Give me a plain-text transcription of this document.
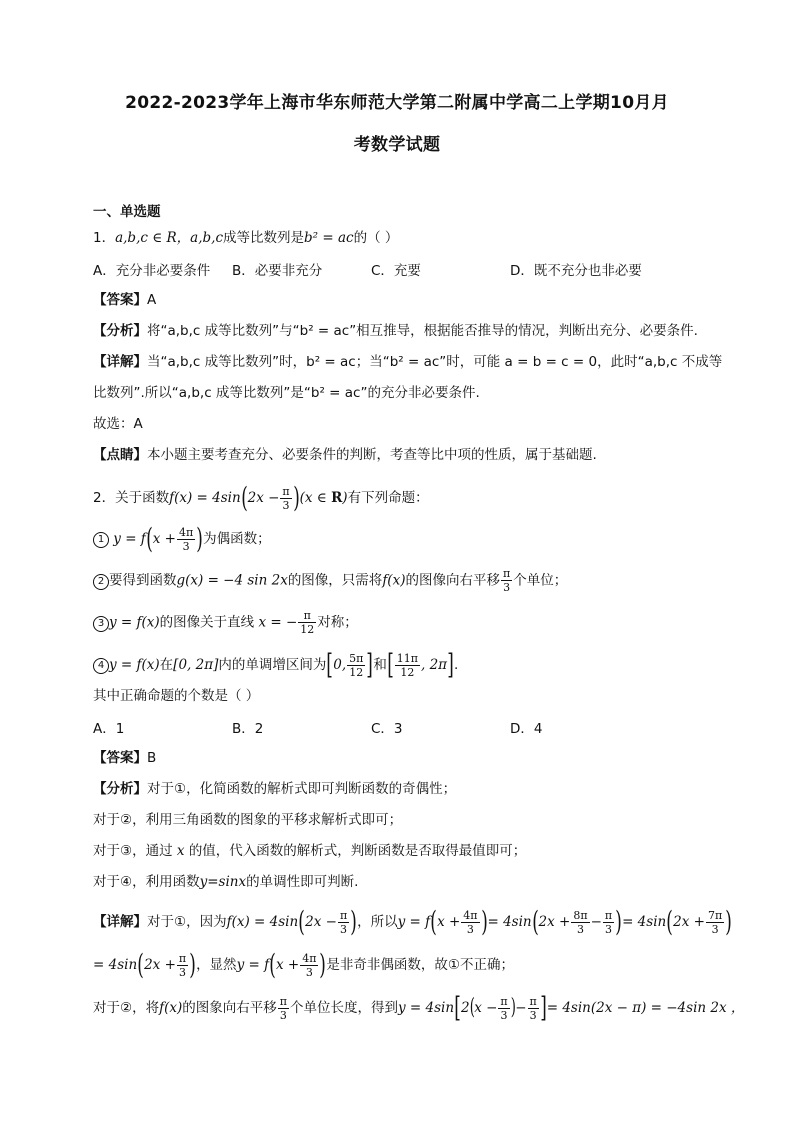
2022-2023学年上海市华东师范大学第二附属中学高二上学期10月月
考数学试题
一、单选题
1．a,b,c ∈ R，a,b,c成等比数列是b² = ac的（ ）
A．充分非必要条件 B．必要非充分	C．充要	D．既不充分也非必要
【答案】A
【分析】将“a,b,c 成等比数列”与“b² = ac”相互推导，根据能否推导的情况，判断出充分、必要条件.
【详解】当“a,b,c 成等比数列”时，b² = ac；当“b² = ac”时，可能 a = b = c = 0，此时“a,b,c 不成等
比数列”.所以“a,b,c 成等比数列”是“b² = ac”的充分非必要条件.
故选：A
【点睛】本小题主要考查充分、必要条件的判断，考查等比中项的性质，属于基础题.
2．关于函数$f(x) = 4\sin(2x - \frac{\pi}{3} )(x$ ∈ R)有下列命题：
1 $y = f(x + \frac{4\pi}{3}$ )为偶函数；
2 要得到函数g(x) = −4 sin 2x的图像，只需将f(x)的图像向右平移 $\frac{\pi}{3}$ 个单位；
3 y = f(x)的图像关于直线 x = − $\frac{\pi}{12}$ 对称；
4 y = f(x)在[0, 2π]内的单调增区间为[0, $\frac{5\pi}{12}$ ]和[ $\frac{11\pi}{12}$ , 2π].
其中正确命题的个数是（ ）
A．1	B．2	C．3	D．4
【答案】B
【分析】对于①，化简函数的解析式即可判断函数的奇偶性；
对于②，利用三角函数的图象的平移求解析式即可；
对于③，通过 x 的值，代入函数的解析式，判断函数是否取得最值即可；
对于④，利用函数y=sinx的单调性即可判断.
【详解】对于①，因为$f(x) = 4\sin(2x - \frac{\pi}{3}$ )，所以$y = f(x + \frac{4\pi}{3}$ )= $4\sin(2x + \frac{8\pi}{3} - \frac{\pi}{3}$ )= $4\sin(2x + \frac{7\pi}{3}$ )
= $4\sin(2x + \frac{\pi}{3}$ )，显然$y = f(x + \frac{4\pi}{3}$ )是非奇非偶函数，故①不正确；
对于②，将f(x)的图象向右平移 $\frac{\pi}{3}$ 个单位长度，得到$y = 4\sin[2(x - \frac{\pi}{3}$ )− $\frac{\pi}{3}$ ]= 4sin(2x − π) = −4sin 2x ，
